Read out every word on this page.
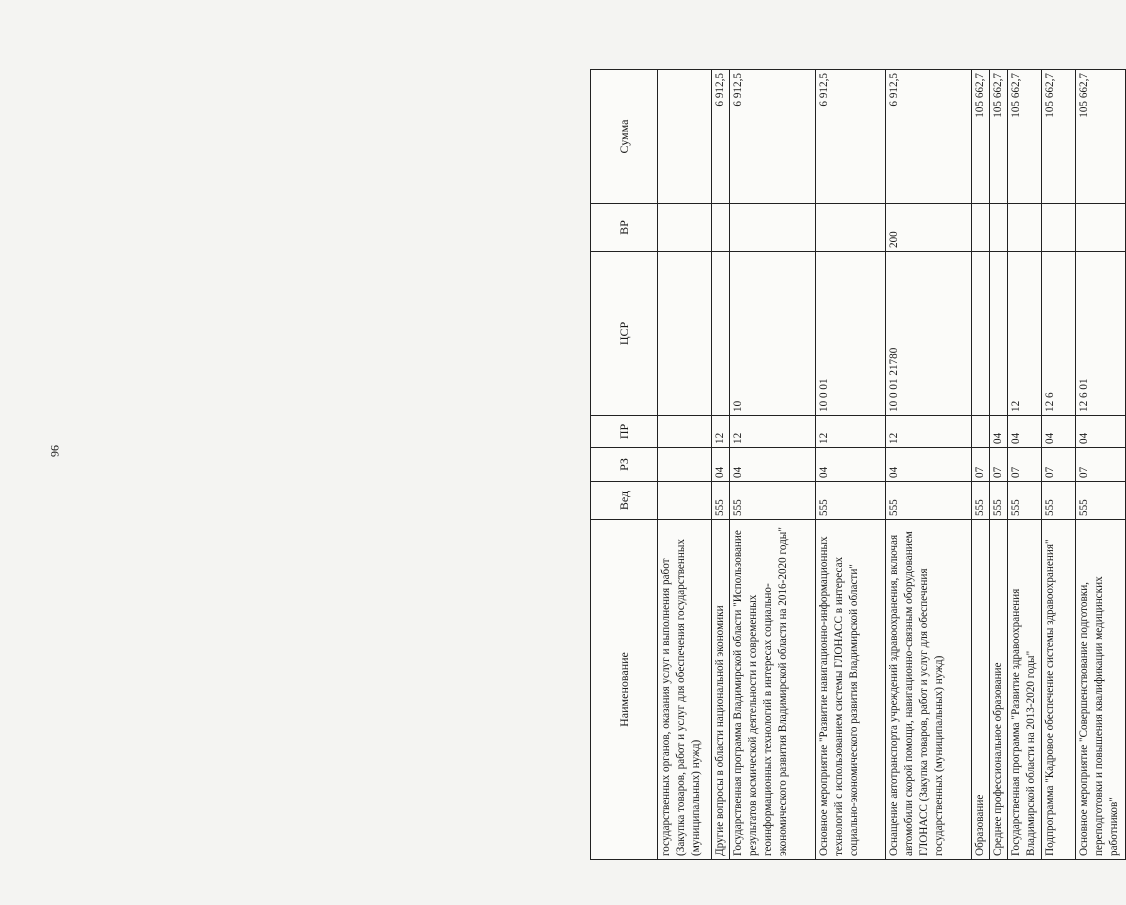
96
Наименование	Вед	РЗ	ПР	ЦСР	ВР	Сумма
государственных органов, оказания услуг и выполнения работ (Закупка товаров, работ и услуг для обеспечения государственных (муниципальных) нужд)						
Другие вопросы в области национальной экономики	555	04	12			6 912,5
Государственная программа Владимирской области "Использование результатов космической деятельности и современных геоинформационных технологий в интересах социально-экономического развития Владимирской области на 2016-2020 годы"	555	04	12	10		6 912,5
Основное мероприятие "Развитие навигационно-информационных технологий с использованием системы ГЛОНАСС в интересах социально-экономического развития Владимирской области"	555	04	12	10 0 01		6 912,5
Оснащение автотранспорта учреждений здравоохранения, включая автомобили скорой помощи, навигационно-связным оборудованием ГЛОНАСС (Закупка товаров, работ и услуг для обеспечения государственных (муниципальных) нужд)	555	04	12	10 0 01 21780	200	6 912,5
Образование	555	07				105 662,7
Среднее профессиональное образование	555	07	04			105 662,7
Государственная программа "Развитие здравоохранения Владимирской области на 2013-2020 годы"	555	07	04	12		105 662,7
Подпрограмма "Кадровое обеспечение системы здравоохранения"	555	07	04	12 6		105 662,7
Основное мероприятие "Совершенствование подготовки, переподготовки и повышения квалификации медицинских работников"	555	07	04	12 6 01		105 662,7
